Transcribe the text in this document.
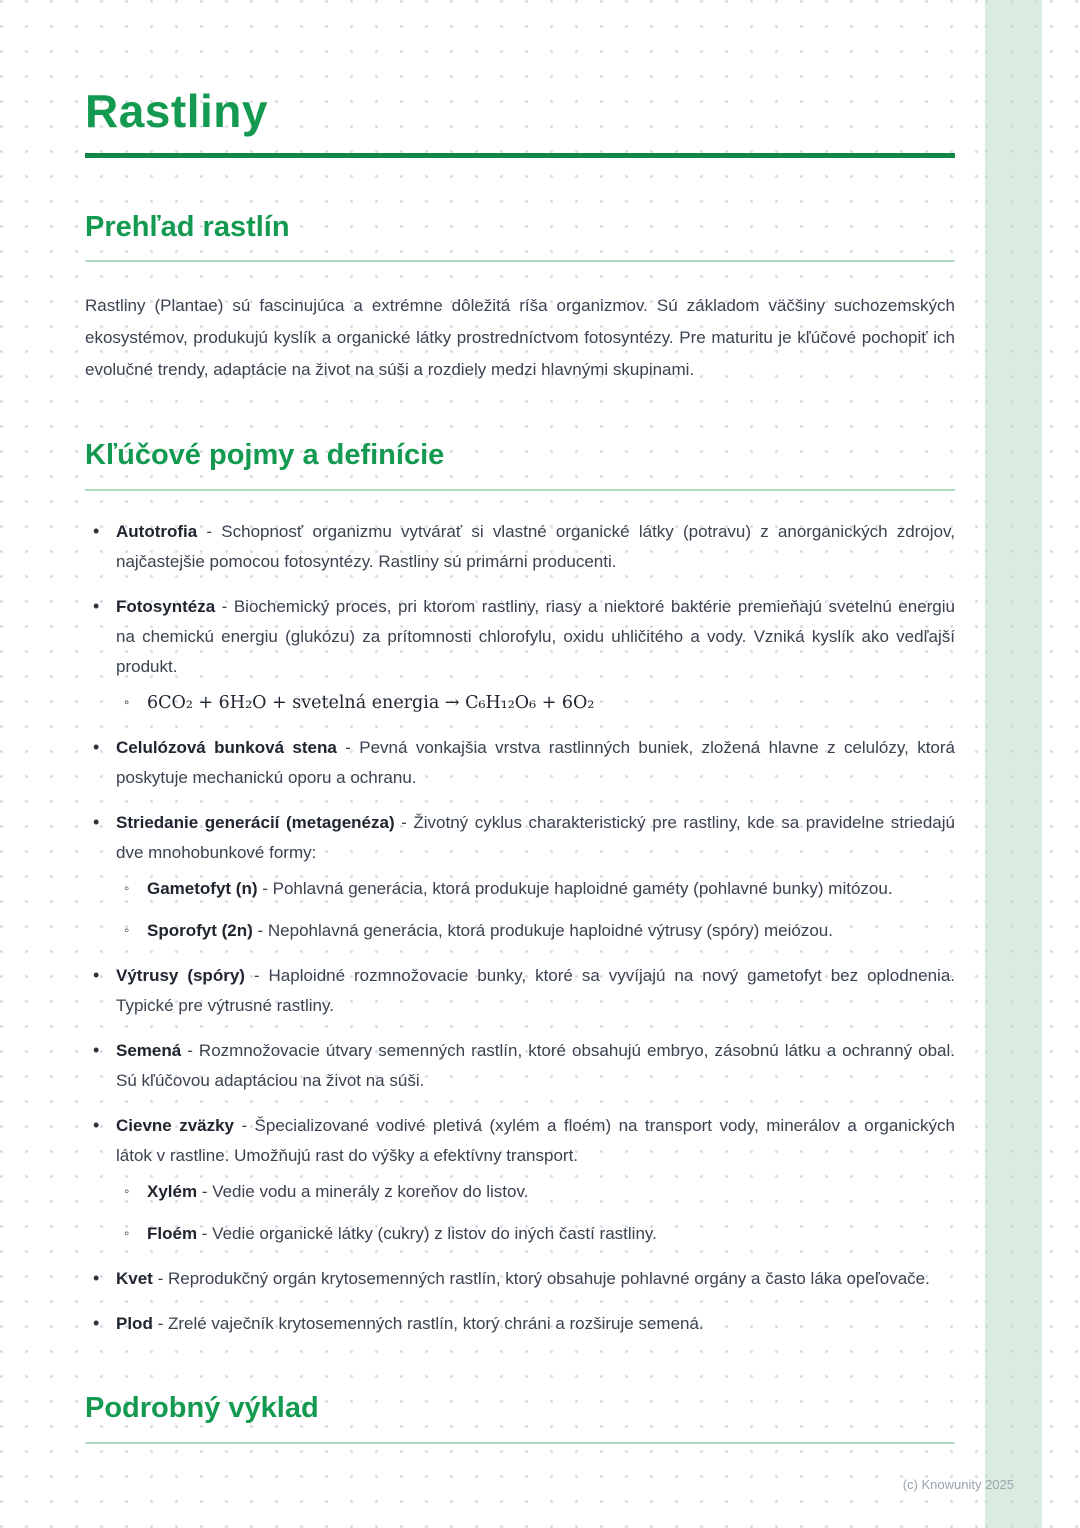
Rastliny
Prehľad rastlín

Rastliny (Plantae) sú fascinujúca a extrémne dôležitá ríša organizmov. Sú základom väčšiny suchozemských ekosystémov, produkujú kyslík a organické látky prostredníctvom fotosyntézy. Pre maturitu je kľúčové pochopiť ich evolučné trendy, adaptácie na život na súši a rozdiely medzi hlavnými skupinami.

Kľúčové pojmy a definície
• Autotrofia - Schopnosť organizmu vytvárať si vlastné organické látky (potravu) z anorganických zdrojov, najčastejšie pomocou fotosyntézy. Rastliny sú primárni producenti.
• Fotosyntéza - Biochemický proces, pri ktorom rastliny, riasy a niektoré baktérie premieňajú svetelnú energiu na chemickú energiu (glukózu) za prítomnosti chlorofylu, oxidu uhličitého a vody. Vzniká kyslík ako vedľajší produkt.
◦ 6CO₂ + 6H₂O + svetelná energia → C₆H₁₂O₆ + 6O₂
• Celulózová bunková stena - Pevná vonkajšia vrstva rastlinných buniek, zložená hlavne z celulózy, ktorá poskytuje mechanickú oporu a ochranu.
• Striedanie generácií (metagenéza) - Životný cyklus charakteristický pre rastliny, kde sa pravidelne striedajú dve mnohobunkové formy:
◦ Gametofyt (n) - Pohlavná generácia, ktorá produkuje haploidné gaméty (pohlavné bunky) mitózou.
◦ Sporofyt (2n) - Nepohlavná generácia, ktorá produkuje haploidné výtrusy (spóry) meiózou.
• Výtrusy (spóry) - Haploidné rozmnožovacie bunky, ktoré sa vyvíjajú na nový gametofyt bez oplodnenia. Typické pre výtrusné rastliny.
• Semená - Rozmnožovacie útvary semenných rastlín, ktoré obsahujú embryo, zásobnú látku a ochranný obal. Sú kľúčovou adaptáciou na život na súši.
• Cievne zväzky - Špecializované vodivé pletivá (xylém a floém) na transport vody, minerálov a organických látok v rastline. Umožňujú rast do výšky a efektívny transport.
◦ Xylém - Vedie vodu a minerály z koreňov do listov.
◦ Floém - Vedie organické látky (cukry) z listov do iných častí rastliny.
• Kvet - Reprodukčný orgán krytosemenných rastlín, ktorý obsahuje pohlavné orgány a často láka opeľovače.
• Plod - Zrelé vaječník krytosemenných rastlín, ktorý chráni a rozširuje semená.
Podrobný výklad
(c) Knowunity 2025
